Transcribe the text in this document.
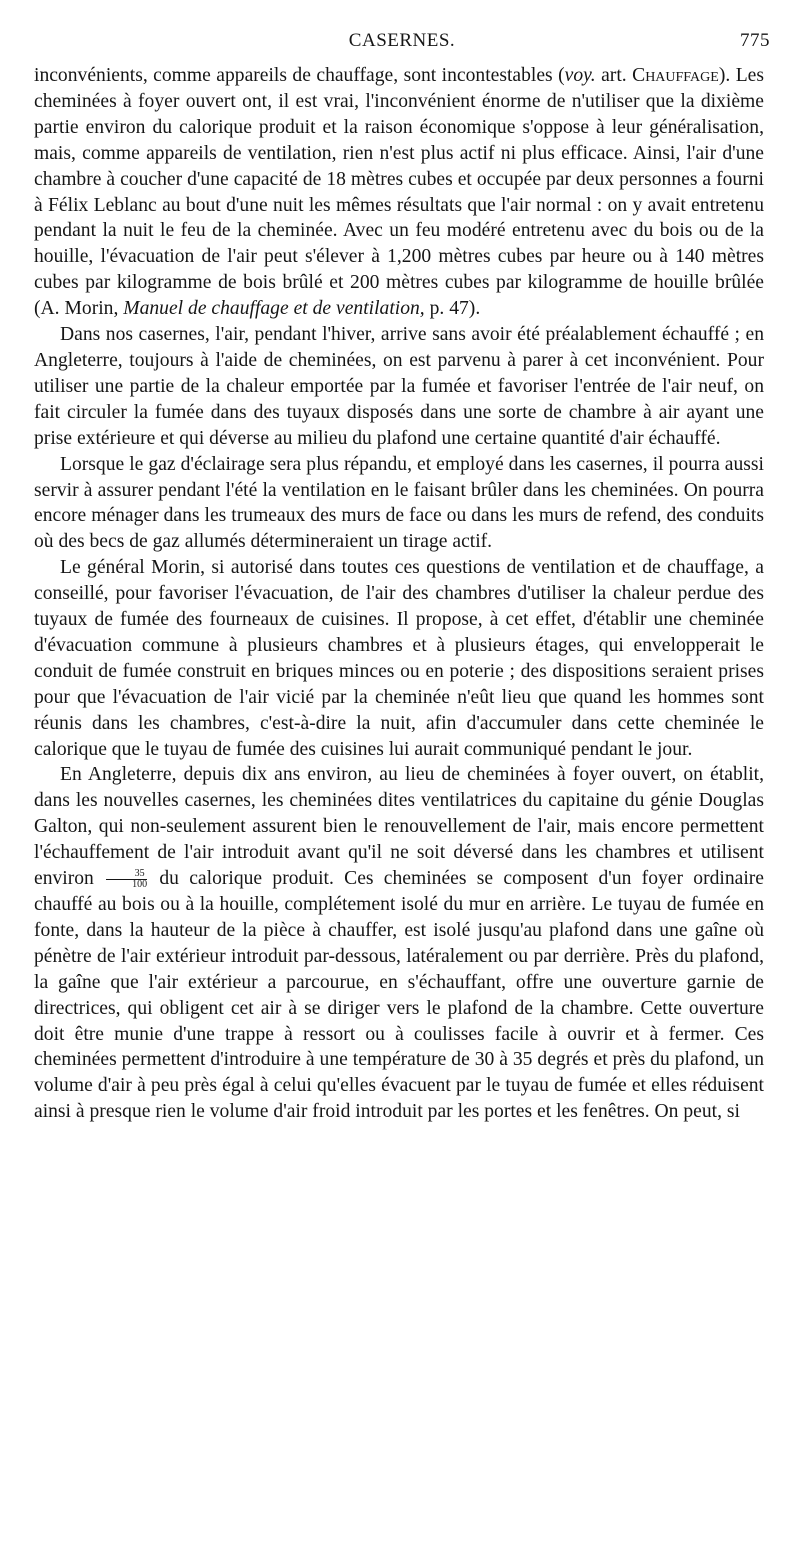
CASERNES.	775

inconvénients, comme appareils de chauffage, sont incontestables (voy. art. Chauffage). Les cheminées à foyer ouvert ont, il est vrai, l'inconvénient énorme de n'utiliser que la dixième partie environ du calorique produit et la raison économique s'oppose à leur généralisation, mais, comme appareils de ventilation, rien n'est plus actif ni plus efficace. Ainsi, l'air d'une chambre à coucher d'une capacité de 18 mètres cubes et occupée par deux personnes a fourni à Félix Leblanc au bout d'une nuit les mêmes résultats que l'air normal : on y avait entretenu pendant la nuit le feu de la cheminée. Avec un feu modéré entretenu avec du bois ou de la houille, l'évacuation de l'air peut s'élever à 1,200 mètres cubes par heure ou à 140 mètres cubes par kilogramme de bois brûlé et 200 mètres cubes par kilogramme de houille brûlée (A. Morin, Manuel de chauffage et de ventilation, p. 47).

Dans nos casernes, l'air, pendant l'hiver, arrive sans avoir été préalablement échauffé ; en Angleterre, toujours à l'aide de cheminées, on est parvenu à parer à cet inconvénient. Pour utiliser une partie de la chaleur emportée par la fumée et favoriser l'entrée de l'air neuf, on fait circuler la fumée dans des tuyaux disposés dans une sorte de chambre à air ayant une prise extérieure et qui déverse au milieu du plafond une certaine quantité d'air échauffé.

Lorsque le gaz d'éclairage sera plus répandu, et employé dans les casernes, il pourra aussi servir à assurer pendant l'été la ventilation en le faisant brûler dans les cheminées. On pourra encore ménager dans les trumeaux des murs de face ou dans les murs de refend, des conduits où des becs de gaz allumés détermineraient un tirage actif.

Le général Morin, si autorisé dans toutes ces questions de ventilation et de chauffage, a conseillé, pour favoriser l'évacuation, de l'air des chambres d'utiliser la chaleur perdue des tuyaux de fumée des fourneaux de cuisines. Il propose, à cet effet, d'établir une cheminée d'évacuation commune à plusieurs chambres et à plusieurs étages, qui envelopperait le conduit de fumée construit en briques minces ou en poterie ; des dispositions seraient prises pour que l'évacuation de l'air vicié par la cheminée n'eût lieu que quand les hommes sont réunis dans les chambres, c'est-à-dire la nuit, afin d'accumuler dans cette cheminée le calorique que le tuyau de fumée des cuisines lui aurait communiqué pendant le jour.

En Angleterre, depuis dix ans environ, au lieu de cheminées à foyer ouvert, on établit, dans les nouvelles casernes, les cheminées dites ventilatrices du capitaine du génie Douglas Galton, qui non-seulement assurent bien le renouvellement de l'air, mais encore permettent l'échauffement de l'air introduit avant qu'il ne soit déversé dans les chambres et utilisent environ $\frac{35}{100}$ du calorique produit. Ces cheminées se composent d'un foyer ordinaire chauffé au bois ou à la houille, complétement isolé du mur en arrière. Le tuyau de fumée en fonte, dans la hauteur de la pièce à chauffer, est isolé jusqu'au plafond dans une gaîne où pénètre de l'air extérieur introduit par-dessous, latéralement ou par derrière. Près du plafond, la gaîne que l'air extérieur a parcourue, en s'échauffant, offre une ouverture garnie de directrices, qui obligent cet air à se diriger vers le plafond de la chambre. Cette ouverture doit être munie d'une trappe à ressort ou à coulisses facile à ouvrir et à fermer. Ces cheminées permettent d'introduire à une température de 30 à 35 degrés et près du plafond, un volume d'air à peu près égal à celui qu'elles évacuent par le tuyau de fumée et elles réduisent ainsi à presque rien le volume d'air froid introduit par les portes et les fenêtres. On peut, si
